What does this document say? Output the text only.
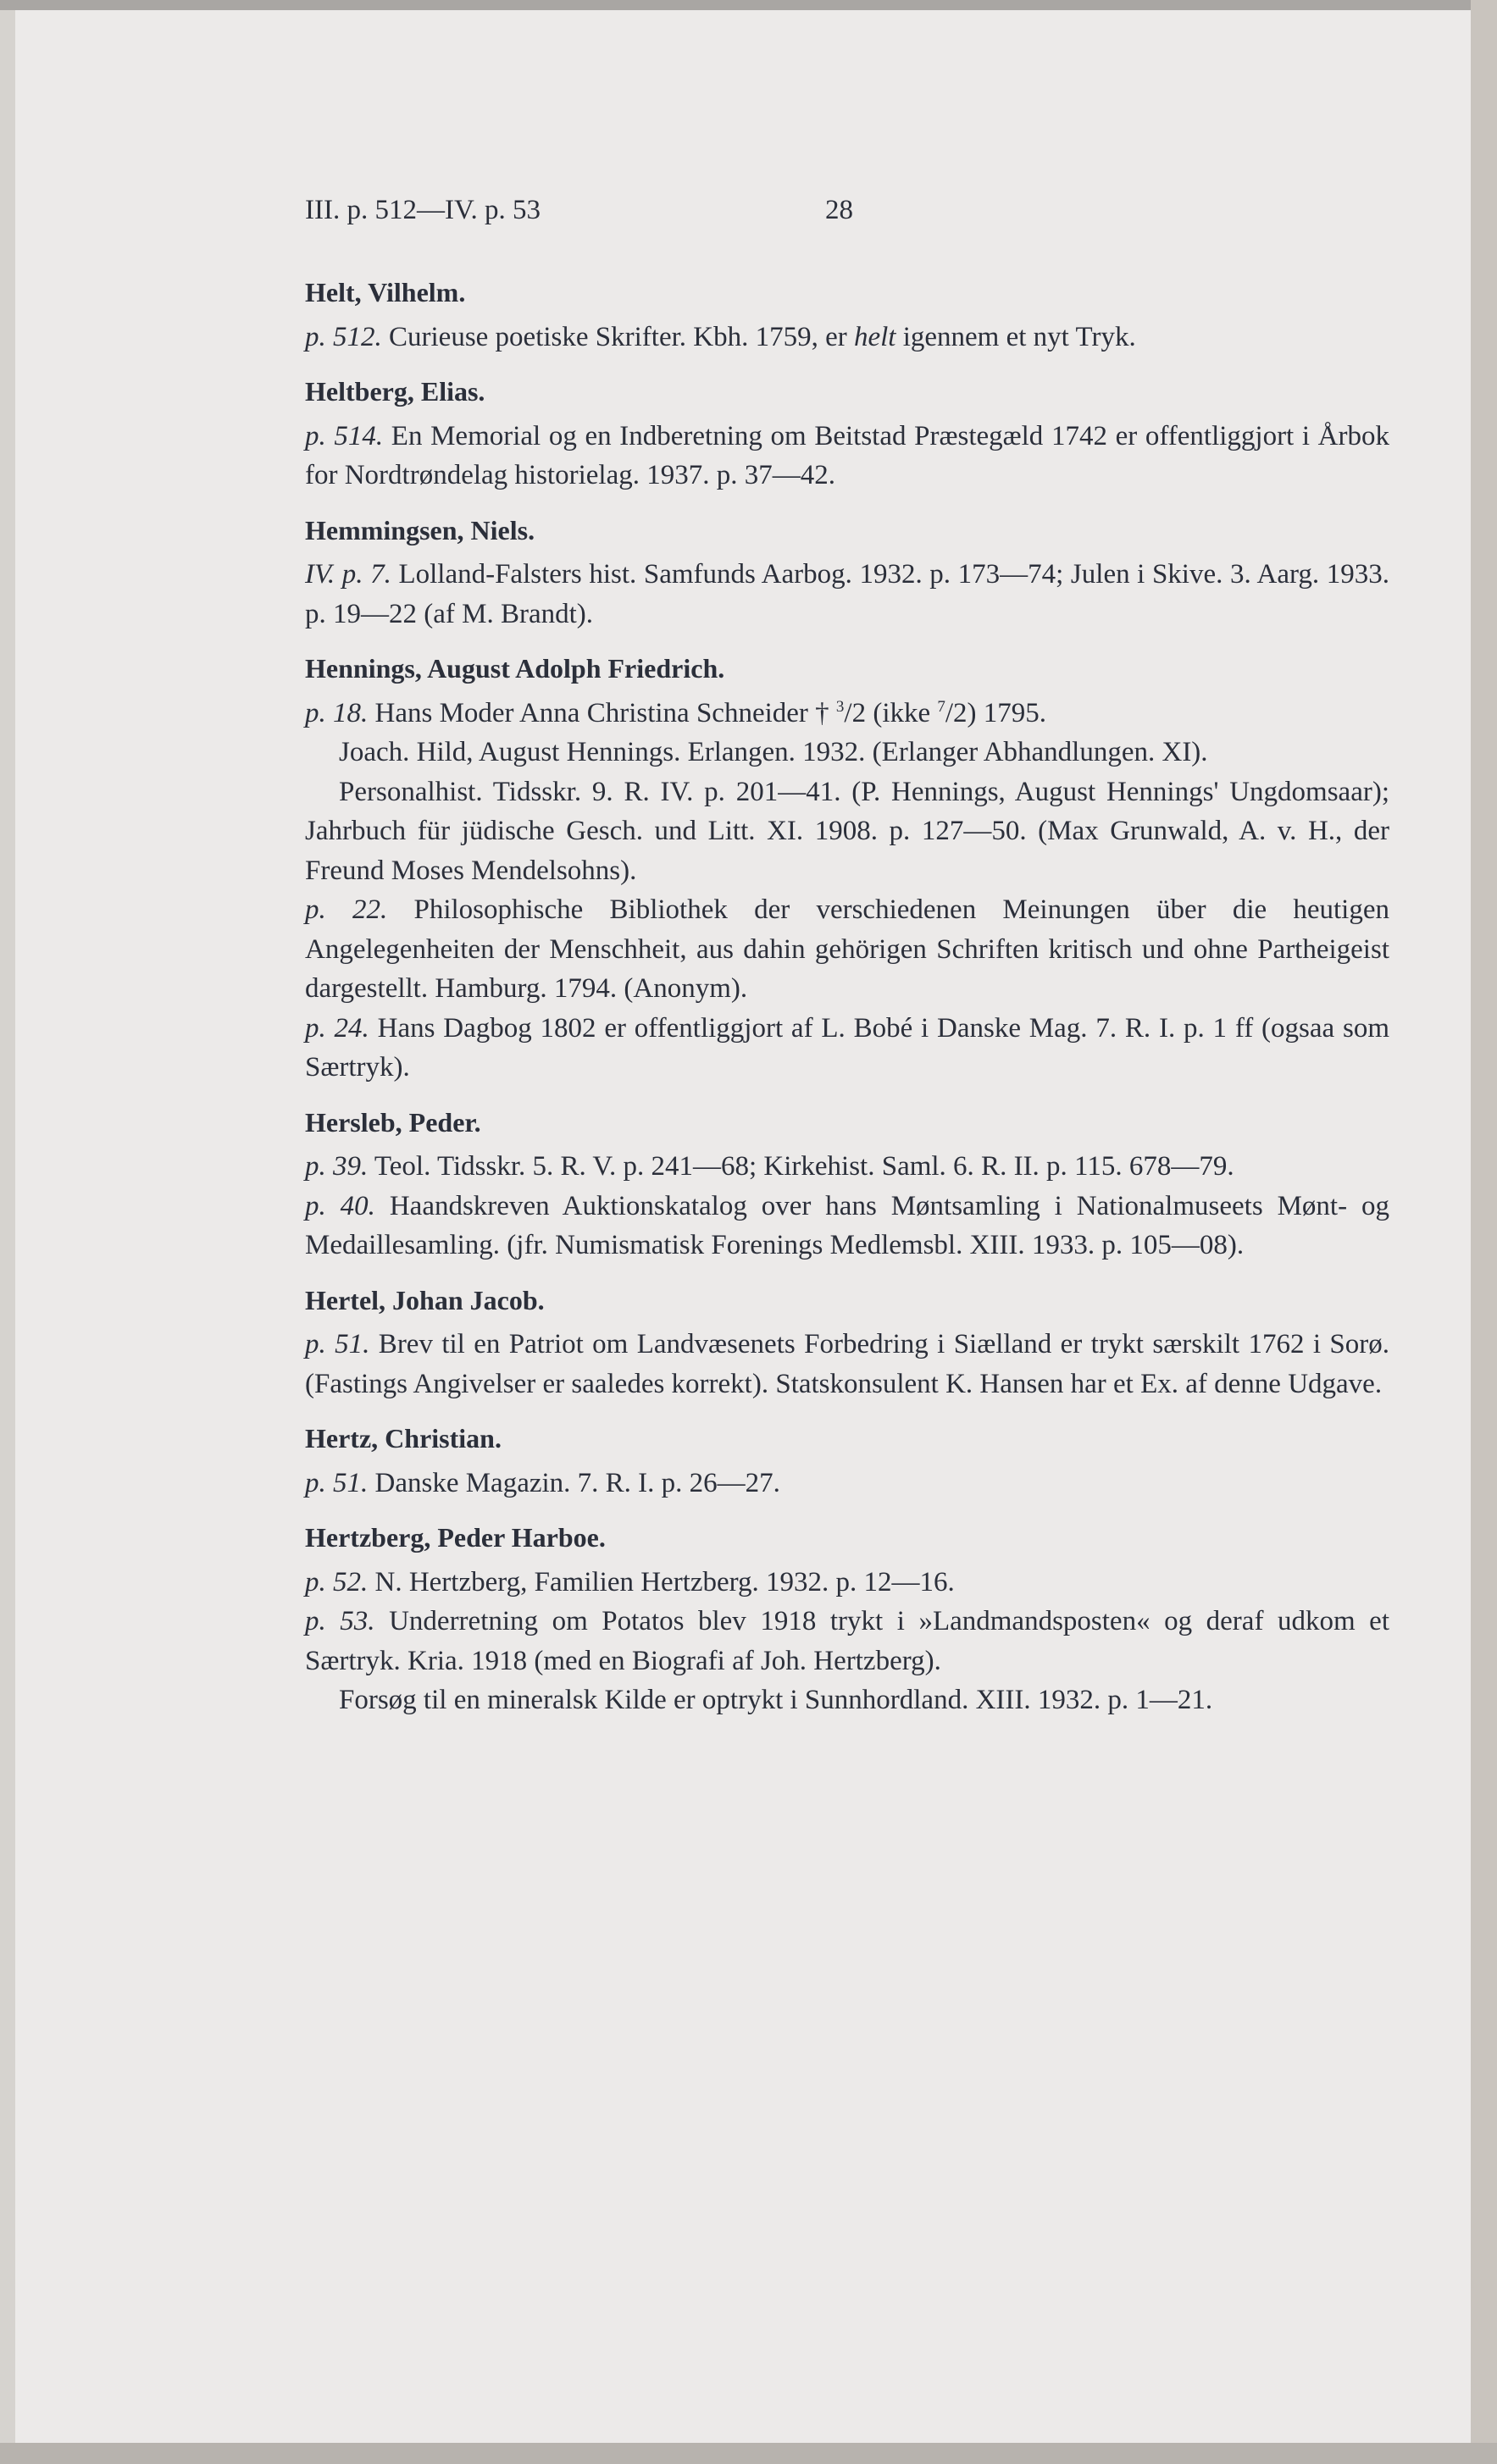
III. p. 512—IV. p. 53	28
Helt, Vilhelm.
p. 512. Curieuse poetiske Skrifter. Kbh. 1759, er helt igennem et nyt Tryk.
Heltberg, Elias.
p. 514. En Memorial og en Indberetning om Beitstad Præstegæld 1742 er offentliggjort i Årbok for Nordtrøndelag historielag. 1937. p. 37—42.
Hemmingsen, Niels.
IV. p. 7. Lolland-Falsters hist. Samfunds Aarbog. 1932. p. 173—74; Julen i Skive. 3. Aarg. 1933. p. 19—22 (af M. Brandt).
Hennings, August Adolph Friedrich.
p. 18. Hans Moder Anna Christina Schneider † $^3$/2 (ikke $^7$/2) 1795.
Joach. Hild, August Hennings. Erlangen. 1932. (Erlanger Abhandlungen. XI).
Personalhist. Tidsskr. 9. R. IV. p. 201—41. (P. Hennings, August Hennings' Ungdomsaar); Jahrbuch für jüdische Gesch. und Litt. XI. 1908. p. 127—50. (Max Grunwald, A. v. H., der Freund Moses Mendelsohns).
p. 22. Philosophische Bibliothek der verschiedenen Meinungen über die heutigen Angelegenheiten der Menschheit, aus dahin gehörigen Schriften kritisch und ohne Partheigeist dargestellt. Hamburg. 1794. (Anonym).
p. 24. Hans Dagbog 1802 er offentliggjort af L. Bobé i Danske Mag. 7. R. I. p. 1 ff (ogsaa som Særtryk).
Hersleb, Peder.
p. 39. Teol. Tidsskr. 5. R. V. p. 241—68; Kirkehist. Saml. 6. R. II. p. 115. 678—79.
p. 40. Haandskreven Auktionskatalog over hans Møntsamling i Nationalmuseets Mønt- og Medaillesamling. (jfr. Numismatisk Forenings Medlemsbl. XIII. 1933. p. 105—08).
Hertel, Johan Jacob.
p. 51. Brev til en Patriot om Landvæsenets Forbedring i Siælland er trykt særskilt 1762 i Sorø. (Fastings Angivelser er saaledes korrekt). Statskonsulent K. Hansen har et Ex. af denne Udgave.
Hertz, Christian.
p. 51. Danske Magazin. 7. R. I. p. 26—27.
Hertzberg, Peder Harboe.
p. 52. N. Hertzberg, Familien Hertzberg. 1932. p. 12—16.
p. 53. Underretning om Potatos blev 1918 trykt i »Landmandsposten« og deraf udkom et Særtryk. Kria. 1918 (med en Biografi af Joh. Hertzberg).
Forsøg til en mineralsk Kilde er optrykt i Sunnhordland. XIII. 1932. p. 1—21.
